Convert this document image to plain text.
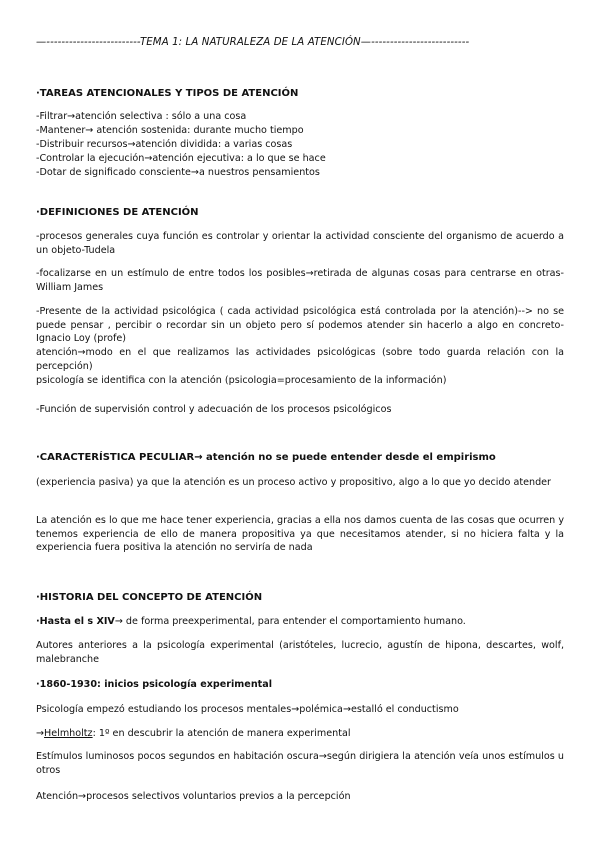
—-------------------------TEMA 1: LA NATURALEZA DE LA ATENCIÓN—--------------------------
·TAREAS ATENCIONALES Y TIPOS DE ATENCIÓN
-Filtrar→atención selectiva : sólo a una cosa
-Mantener→ atención sostenida: durante mucho tiempo
-Distribuir recursos→atención dividida: a varias cosas
-Controlar la ejecución→atención ejecutiva: a lo que se hace
-Dotar de significado consciente→a nuestros pensamientos
·DEFINICIONES DE ATENCIÓN
-procesos generales cuya función es controlar y orientar la actividad consciente del organismo de acuerdo a un objeto-Tudela
-focalizarse en un estímulo de entre todos los posibles→retirada de algunas cosas para centrarse en otras-William James
-Presente de la actividad psicológica ( cada actividad psicológica está controlada por la atención)--> no se puede pensar , percibir o recordar sin un objeto pero sí podemos atender sin hacerlo a algo en concreto-Ignacio Loy (profe)
atención→modo en el que realizamos las actividades psicológicas (sobre todo guarda relación con la percepción)
psicología se identifica con la atención (psicologia=procesamiento de la información)
-Función de supervisión control y adecuación de los procesos psicológicos
·CARACTERÍSTICA PECULIAR→ atención no se puede entender desde el empirismo
(experiencia pasiva) ya que la atención es un proceso activo y propositivo, algo a lo que yo decido atender
La atención es lo que me hace tener experiencia, gracias a ella nos damos cuenta de las cosas que ocurren y tenemos experiencia de ello de manera propositiva ya que necesitamos atender, si no hiciera falta y la experiencia fuera positiva la atención no serviría de nada
·HISTORIA DEL CONCEPTO DE ATENCIÓN
·Hasta el s XIV→ de forma preexperimental, para entender el comportamiento humano.
Autores anteriores a la psicología experimental (aristóteles, lucrecio, agustín de hipona, descartes, wolf, malebranche
·1860-1930: inicios psicología experimental
Psicología empezó estudiando los procesos mentales→polémica→estalló el conductismo
→Helmholtz: 1º en descubrir la atención de manera experimental
Estímulos luminosos pocos segundos en habitación oscura→según dirigiera la atención veía unos estímulos u otros
Atención→procesos selectivos voluntarios previos a la percepción
